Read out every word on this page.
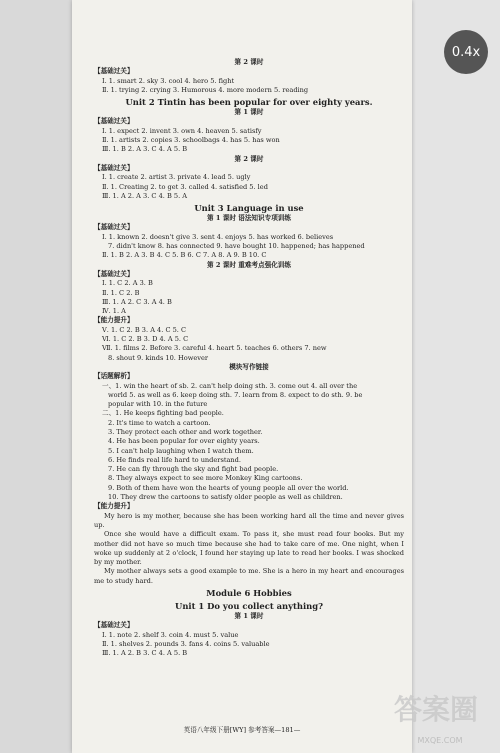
0.4x
第 2 课时
【基础过关】
Ⅰ. 1. smart 2. sky 3. cool 4. hero 5. fight
Ⅱ. 1. trying 2. crying 3. Humorous 4. more modern 5. reading
Unit 2 Tintin has been popular for over eighty years.
第 1 课时
【基础过关】
Ⅰ. 1. expect 2. invent 3. own 4. heaven 5. satisfy
Ⅱ. 1. artists 2. copies 3. schoolbags 4. has 5. has won
Ⅲ. 1. B 2. A 3. C 4. A 5. B
第 2 课时
【基础过关】
Ⅰ. 1. create 2. artist 3. private 4. lead 5. ugly
Ⅱ. 1. Creating 2. to get 3. called 4. satisfied 5. led
Ⅲ. 1. A 2. A 3. C 4. B 5. A
Unit 3 Language in use
第 1 课时 语法知识专项训练
【基础过关】
Ⅰ. 1. known 2. doesn't give 3. sent 4. enjoys 5. has worked 6. believes
7. didn't know 8. has connected 9. have bought 10. happened; has happened
Ⅱ. 1. B 2. A 3. B 4. C 5. B 6. C 7. A 8. A 9. B 10. C
第 2 课时 重难考点强化训练
【基础过关】
Ⅰ. 1. C 2. A 3. B
Ⅱ. 1. C 2. B
Ⅲ. 1. A 2. C 3. A 4. B
Ⅳ. 1. A
【能力提升】
Ⅴ. 1. C 2. B 3. A 4. C 5. C
Ⅵ. 1. C 2. B 3. D 4. A 5. C
Ⅶ. 1. films 2. Before 3. careful 4. heart 5. teaches 6. others 7. new
8. shout 9. kinds 10. However
模块写作链接
【话题解析】
一、1. win the heart of sb. 2. can't help doing sth. 3. come out 4. all over the
world 5. as well as 6. keep doing sth. 7. learn from 8. expect to do sth. 9. be
popular with 10. in the future
二、1. He keeps fighting bad people.
2. It's time to watch a cartoon.
3. They protect each other and work together.
4. He has been popular for over eighty years.
5. I can't help laughing when I watch them.
6. He finds real life hard to understand.
7. He can fly through the sky and fight bad people.
8. They always expect to see more Monkey King cartoons.
9. Both of them have won the hearts of young people all over the world.
10. They drew the cartoons to satisfy older people as well as children.
【能力提升】
My hero is my mother, because she has been working hard all the time and never gives up.
Once she would have a difficult exam. To pass it, she must read four books. But my mother did not have so much time because she had to take care of me. One night, when I woke up suddenly at 2 o'clock, I found her staying up late to read her books. I was shocked by my mother.
My mother always sets a good example to me. She is a hero in my heart and encourages me to study hard.
Module 6 Hobbies
Unit 1 Do you collect anything?
第 1 课时
【基础过关】
Ⅰ. 1. note 2. shelf 3. coin 4. must 5. value
Ⅱ. 1. shelves 2. pounds 3. fans 4. coins 5. valuable
Ⅲ. 1. A 2. B 3. C 4. A 5. B
英语八年级下册[WY] 参考答案—181—
答案圈
MXQE.COM
